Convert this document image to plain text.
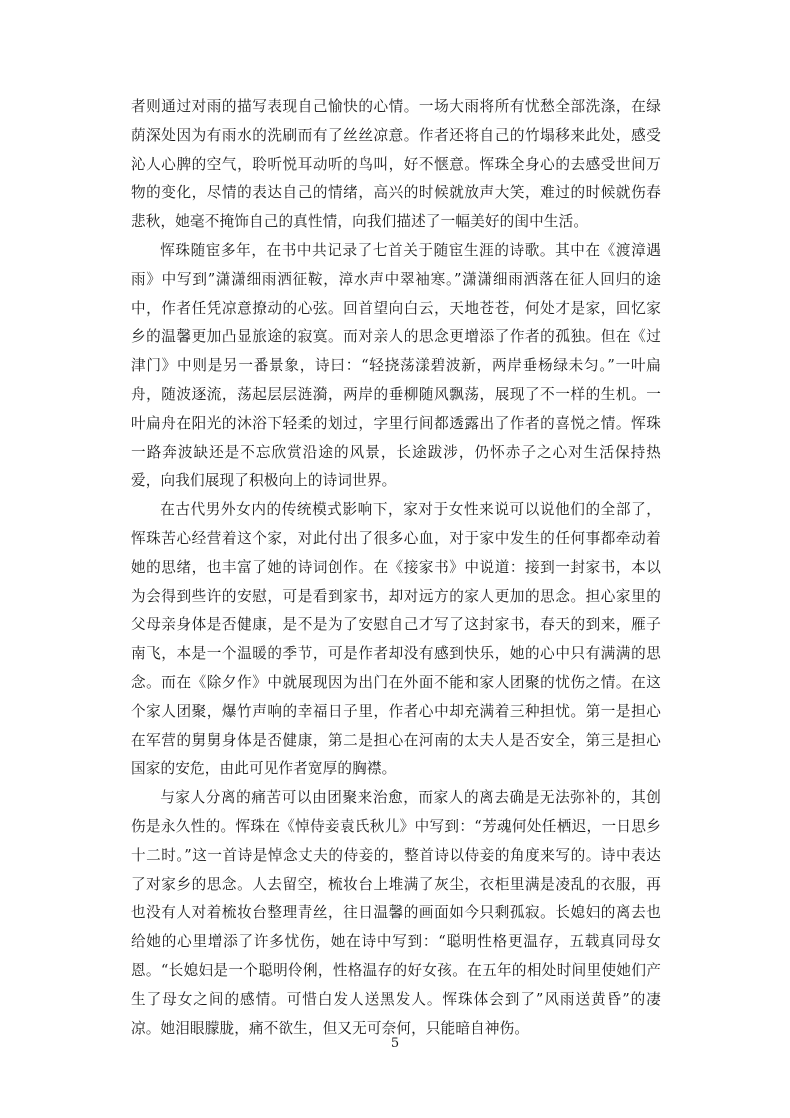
者则通过对雨的描写表现自己愉快的心情。一场大雨将所有忧愁全部洗涤，在绿荫深处因为有雨水的洗刷而有了丝丝凉意。作者还将自己的竹塌移来此处，感受沁人心脾的空气，聆听悦耳动听的鸟叫，好不惬意。恽珠全身心的去感受世间万物的变化，尽情的表达自己的情绪，高兴的时候就放声大笑，难过的时候就伤春悲秋，她毫不掩饰自己的真性情，向我们描述了一幅美好的闺中生活。

恽珠随宦多年，在书中共记录了七首关于随宦生涯的诗歌。其中在《渡漳遇雨》中写到”潇潇细雨洒征鞍，漳水声中翠袖寒。”潇潇细雨洒落在征人回归的途中，作者任凭凉意撩动的心弦。回首望向白云，天地苍苍，何处才是家，回忆家乡的温馨更加凸显旅途的寂寞。而对亲人的思念更增添了作者的孤独。但在《过津门》中则是另一番景象，诗曰：“轻挠荡漾碧波新，两岸垂杨绿未匀。”一叶扁舟，随波逐流，荡起层层涟漪，两岸的垂柳随风飘荡，展现了不一样的生机。一叶扁舟在阳光的沐浴下轻柔的划过，字里行间都透露出了作者的喜悦之情。恽珠一路奔波缺还是不忘欣赏沿途的风景，长途跋涉，仍怀赤子之心对生活保持热爱，向我们展现了积极向上的诗词世界。

在古代男外女内的传统模式影响下，家对于女性来说可以说他们的全部了，恽珠苦心经营着这个家，对此付出了很多心血，对于家中发生的任何事都牵动着她的思绪，也丰富了她的诗词创作。在《接家书》中说道：接到一封家书，本以为会得到些许的安慰，可是看到家书，却对远方的家人更加的思念。担心家里的父母亲身体是否健康，是不是为了安慰自己才写了这封家书，春天的到来，雁子南飞，本是一个温暖的季节，可是作者却没有感到快乐，她的心中只有满满的思念。而在《除夕作》中就展现因为出门在外面不能和家人团聚的忧伤之情。在这个家人团聚，爆竹声响的幸福日子里，作者心中却充满着三种担忧。第一是担心在军营的舅舅身体是否健康，第二是担心在河南的太夫人是否安全，第三是担心国家的安危，由此可见作者宽厚的胸襟。

与家人分离的痛苦可以由团聚来治愈，而家人的离去确是无法弥补的，其创伤是永久性的。恽珠在《悼侍妾袁氏秋儿》中写到：“芳魂何处任栖迟，一日思乡十二时。”这一首诗是悼念丈夫的侍妾的，整首诗以侍妾的角度来写的。诗中表达了对家乡的思念。人去留空，梳妆台上堆满了灰尘，衣柜里满是凌乱的衣服，再也没有人对着梳妆台整理青丝，往日温馨的画面如今只剩孤寂。长媳妇的离去也给她的心里增添了许多忧伤，她在诗中写到：“聪明性格更温存，五载真同母女恩。“长媳妇是一个聪明伶俐，性格温存的好女孩。在五年的相处时间里使她们产生了母女之间的感情。可惜白发人送黑发人。恽珠体会到了”风雨送黄昏”的凄凉。她泪眼朦胧，痛不欲生，但又无可奈何，只能暗自神伤。

5
